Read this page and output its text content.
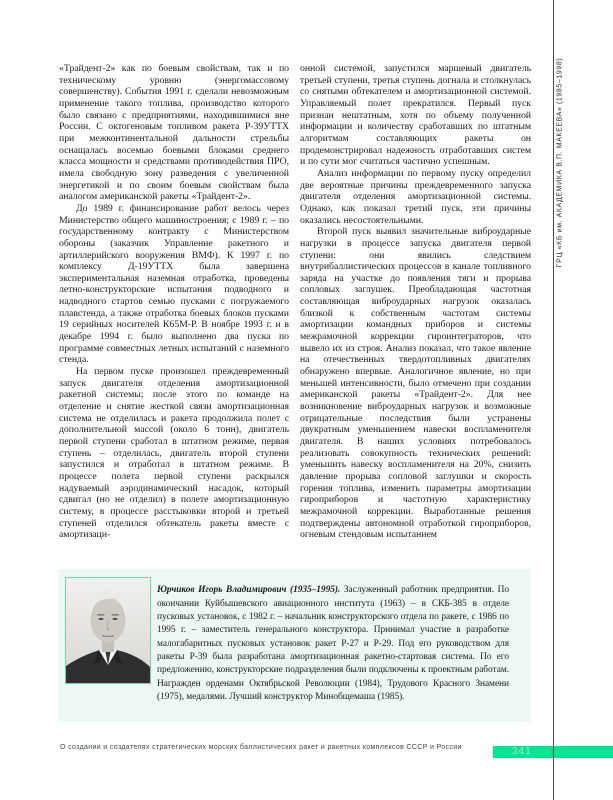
«Трайдент-2» как по боевым свойствам, так и по техническому уровню (энергомассовому совершенству). События 1991 г. сделали невозможным применение такого топлива, производство которого было связано с предприятиями, находившимися вне России. С октогеновым топливом ракета Р-39УТТХ при межконтинентальной дальности стрельбы оснащалась восемью боевыми блоками среднего класса мощности и средствами противодействия ПРО, имела свободную зону разведения с увеличенной энергетикой и по своим боевым свойствам была аналогом американской ракеты «Трайдент-2».

До 1989 г. финансирование работ велось через Министерство общего машиностроения; с 1989 г. – по государственному контракту с Министерством обороны (заказчик Управление ракетного и артиллерийского вооружения ВМФ). К 1997 г. по комплексу Д-19УТТХ была завершена экспериментальная наземная отработка, проведены летно-конструкторские испытания подводного и надводного стартов семью пусками с погружаемого плавстенда, а также отработка боевых блоков пусками 19 серийных носителей К65М-Р. В ноябре 1993 г. и в декабре 1994 г. было выполнено два пуска по программе совместных летных испытаний с наземного стенда.

На первом пуске произошел преждевременный запуск двигателя отделения амортизационной ракетной системы; после этого по команде на отделение и снятие жесткой связи амортизационная система не отделилась и ракета продолжила полет с дополнительной массой (около 6 тонн), двигатель первой ступени сработал в штатном режиме, первая ступень – отделилась, двигатель второй ступени запустился и отработал в штатном режиме. В процессе полета первой ступени раскрылся надуваемый аэродинамический насадок, который сдвигал (но не отделил) в полете амортизационную систему, в процессе расстыковки второй и третьей ступеней отделился обтекатель ракеты вместе с амортизаци-

онной системой, запустился маршевый двигатель третьей ступени, третья ступень догнала и столкнулась со снятыми обтекателем и амортизационной системой. Управляемый полет прекратился. Первый пуск признан нештатным, хотя по объему полученной информации и количеству сработавших по штатным алгоритмам составляющих ракеты он продемонстрировал надежность отработавших систем и по сути мог считаться частично успешным.

Анализ информации по первому пуску определил две вероятные причины преждевременного запуска двигателя отделения амортизационной системы. Однако, как показал третий пуск, эти причины оказались несостоятельными.

Второй пуск выявил значительные виброударные нагрузки в процессе запуска двигателя первой ступени: они явились следствием внутрибаллистических процессов в канале топливного заряда на участке до появления тяги и прорыва сопловых заглушек. Преобладающая частотная составляющая виброударных нагрузок оказалась близкой к собственным частотам системы амортизации командных приборов и системы межрамочной коррекции гироинтеграторов, что вывело их из строя. Анализ показал, что такое явление на отечественных твердотопливных двигателях обнаружено впервые. Аналогичное явление, но при меньшей интенсивности, было отмечено при создании американской ракеты «Трайдент-2». Для нее возникновение виброударных нагрузок и возможные отрицательные последствия были устранены двукратным уменьшением навески воспламенителя двигателя. В наших условиях потребовалось реализовать совокупность технических решений: уменьшить навеску воспламенителя на 20%, снизить давление прорыва сопловой заглушки и скорость горения топлива, изменить параметры амортизации гироприборов и частотную характеристику межрамочной коррекции. Выработанные решения подтверждены автономной отработкой гироприборов, огневым стендовым испытанием

Юрчиков Игорь Владимирович (1935–1995). Заслуженный работник предприятия. По окончании Куйбышевского авиационного института (1963) – в СКБ-385 в отделе пусковых установок, с 1982 г. – начальник конструкторского отдела по ракете, с 1986 по 1995 г. – заместитель генерального конструктора. Принимал участие в разработке малогабаритных пусковых установок ракет Р-27 и Р-29. Под его руководством для ракеты Р-39 была разработана амортизационная ракетно-стартовая система. По его предложению, конструкторские подразделения были подключены к проектным работам. Награжден орденами Октябрьской Революции (1984), Трудового Красного Знамени (1975), медалями. Лучший конструктор Минобщемаша (1985).

О создании и создателях стратегических морских баллистических ракет и ракетных комплексов СССР и России	341
ГРЦ «КБ им. АКАДЕМИКА В.П. МАКЕЕВА» (1985–1998)
